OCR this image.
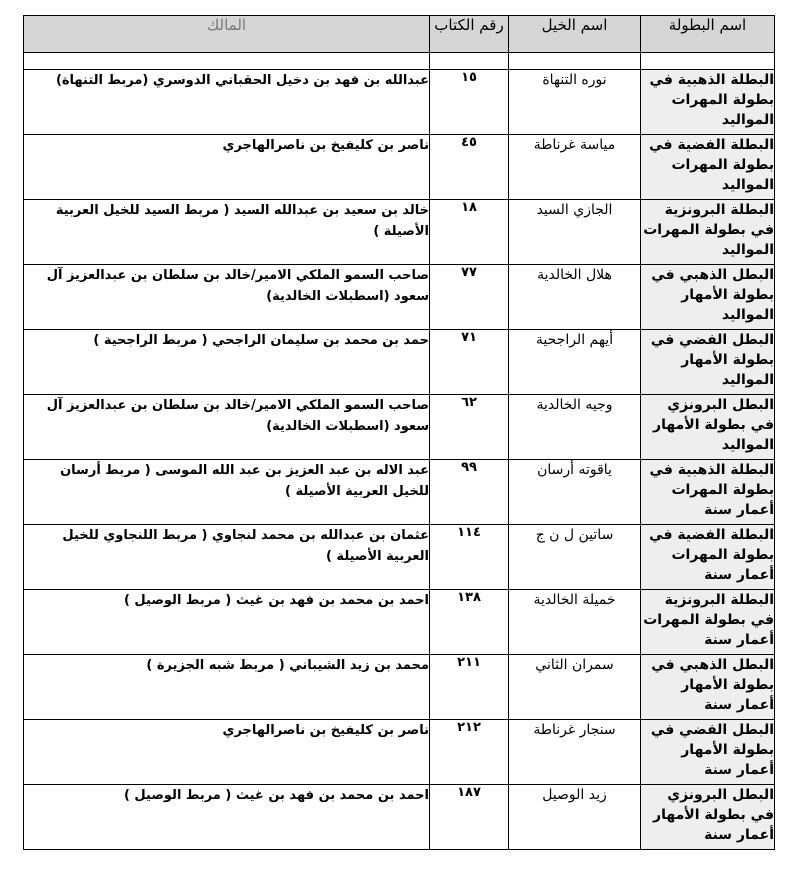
اسم البطولة	اسم الخيل	رقم الكتاب	المالك

البطلة الذهبية في بطولة المهرات المواليد	نوره التنهاة	١٥	عبدالله بن فهد بن دخيل الحقباني الدوسري (مربط التنهاة)
البطلة الفضية في بطولة المهرات المواليد	مياسة غرناطة	٤٥	ناصر بن كليفيخ بن ناصرالهاجري
البطلة البرونزية في بطولة المهرات المواليد	الجازي السيد	١٨	خالد بن سعيد بن عبدالله السيد ( مربط السيد للخيل العربية الأصيلة )
البطل الذهبي في بطولة الأمهار المواليد	هلال الخالدية	٧٧	صاحب السمو الملكي الامير/خالد بن سلطان بن عبدالعزيز آل سعود (اسطبلات الخالدية)
البطل الفضي في بطولة الأمهار المواليد	أيهم الراجحية	٧١	حمد بن محمد بن سليمان الراجحي ( مربط الراجحية )
البطل البرونزي في بطولة الأمهار المواليد	وجيه الخالدية	٦٢	صاحب السمو الملكي الامير/خالد بن سلطان بن عبدالعزيز آل سعود (اسطبلات الخالدية)
البطلة الذهبية في بطولة المهرات أعمار سنة	ياقوته أرسان	٩٩	عبد الاله بن عبد العزيز بن عبد الله الموسى ( مربط أرسان للخيل العربية الأصيلة )
البطلة الفضية في بطولة المهرات أعمار سنة	ساتين ل ن ج	١١٤	عثمان بن عبدالله بن محمد لنجاوي ( مربط اللنجاوي للخيل العربية الأصيلة )
البطلة البرونزية في بطولة المهرات أعمار سنة	خميلة الخالدية	١٣٨	احمد بن محمد بن فهد بن غيث ( مربط الوصيل )
البطل الذهبي في بطولة الأمهار أعمار سنة	سمران الثاني	٢١١	محمد بن زيد الشيباني ( مربط شبه الجزيرة )
البطل الفضي في بطولة الأمهار أعمار سنة	سنجار غرناطة	٢١٢	ناصر بن كليفيخ بن ناصرالهاجري
البطل البرونزي في بطولة الأمهار أعمار سنة	زيد الوصيل	١٨٧	احمد بن محمد بن فهد بن غيث ( مربط الوصيل )
